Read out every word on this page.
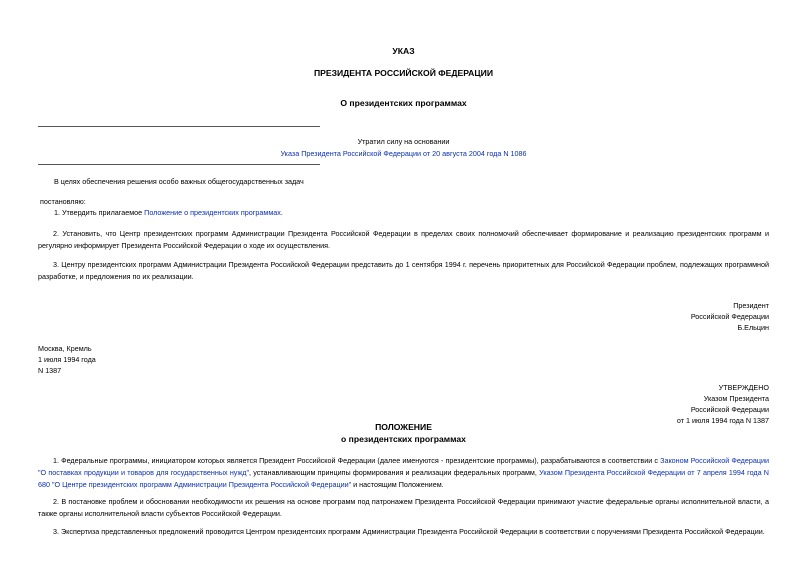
УКАЗ
ПРЕЗИДЕНТА РОССИЙСКОЙ ФЕДЕРАЦИИ
О президентских программах
Утратил силу на основании
Указа Президента Российской Федерации от 20 августа 2004 года N 1086
В целях обеспечения решения особо важных общегосударственных задач
постановляю:
1. Утвердить прилагаемое Положение о президентских программах.
2. Установить, что Центр президентских программ Администрации Президента Российской Федерации в пределах своих полномочий обеспечивает формирование и реализацию президентских программ и регулярно информирует Президента Российской Федерации о ходе их осуществления.
3. Центру президентских программ Администрации Президента Российской Федерации представить до 1 сентября 1994 г. перечень приоритетных для Российской Федерации проблем, подлежащих программной разработке, и предложения по их реализации.
Президент
Российской Федерации
Б.Ельцин
Москва, Кремль
1 июля 1994 года
N 1387
УТВЕРЖДЕНО
Указом Президента
Российской Федерации
от 1 июля 1994 года N 1387
ПОЛОЖЕНИЕ
о президентских программах
1. Федеральные программы, инициатором которых является Президент Российской Федерации (далее именуются - президентские программы), разрабатываются в соответствии с Законом Российской Федерации "О поставках продукции и товаров для государственных нужд", устанавливающим принципы формирования и реализации федеральных программ, Указом Президента Российской Федерации от 7 апреля 1994 года N 680 "О Центре президентских программ Администрации Президента Российской Федерации" и настоящим Положением.
2. В постановке проблем и обосновании необходимости их решения на основе программ под патронажем Президента Российской Федерации принимают участие федеральные органы исполнительной власти, а также органы исполнительной власти субъектов Российской Федерации.
3. Экспертиза представленных предложений проводится Центром президентских программ Администрации Президента Российской Федерации в соответствии с поручениями Президента Российской Федерации.
